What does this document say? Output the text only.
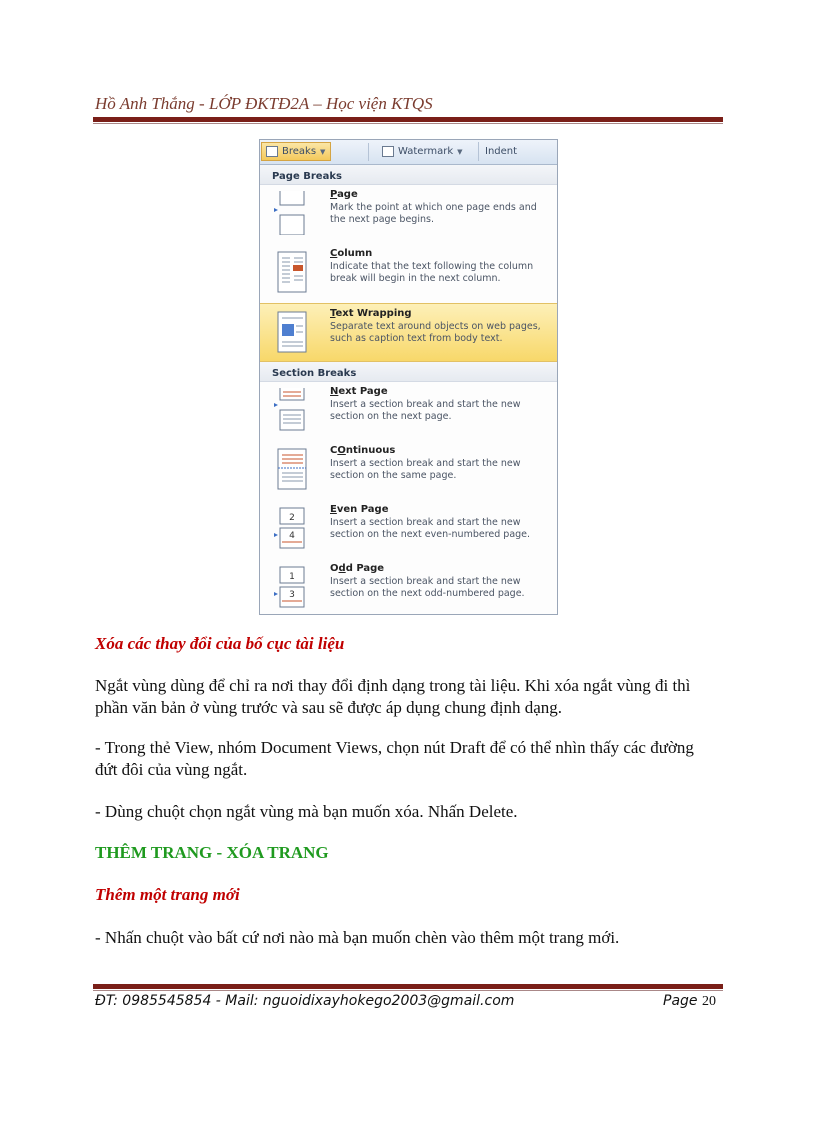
Hồ Anh Thắng - LỚP ĐKTĐ2A – Học viện KTQS
Breaks ▼	Watermark ▼ Indent
Page Breaks
Page
Mark the point at which one page ends and the next page begins.
Column
Indicate that the text following the column break will begin in the next column.
Text Wrapping
Separate text around objects on web pages, such as caption text from body text.
Section Breaks
Next Page
Insert a section break and start the new section on the next page.
COntinuous
Insert a section break and start the new section on the same page.
2
4
Even Page
Insert a section break and start the new section on the next even-numbered page.
1
3
Odd Page
Insert a section break and start the new section on the next odd-numbered page.
Xóa các thay đổi của bố cục tài liệu
Ngắt vùng dùng để chỉ ra nơi thay đổi định dạng trong tài liệu. Khi xóa ngắt vùng đi thì phần văn bản ở vùng trước và sau sẽ được áp dụng chung định dạng.
- Trong thẻ View, nhóm Document Views, chọn nút Draft để có thể nhìn thấy các đường đứt đôi của vùng ngắt.
- Dùng chuột chọn ngắt vùng mà bạn muốn xóa. Nhấn Delete.
THÊM TRANG - XÓA TRANG
Thêm một trang mới
- Nhấn chuột vào bất cứ nơi nào mà bạn muốn chèn vào thêm một trang mới.
ĐT: 0985545854 - Mail: nguoidixayhokego2003@gmail.com	Page 20
